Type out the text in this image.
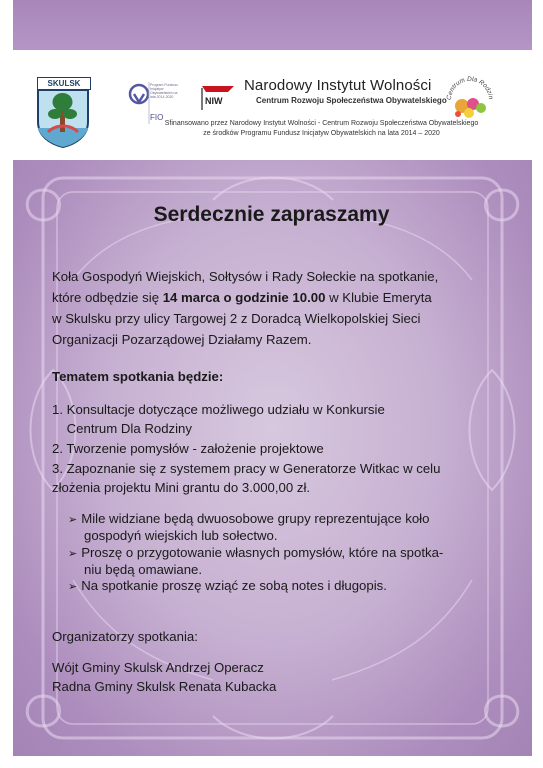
SKULSK	Program Fundusz Inicjatyw Obywatelskich na lata 2014-2020
FIO
NIW
Narodowy Instytut Wolności
Centrum Rozwoju Społeczeństwa Obywatelskiego Centrum Dla Rodzin
Sfinansowano przez Narodowy Instytut Wolności - Centrum Rozwoju Społeczeństwa Obywatelskiego
ze środków Programu Fundusz Inicjatyw Obywatelskich na lata 2014 – 2020
Serdecznie zapraszamy
Koła Gospodyń Wiejskich, Sołtysów i Rady Sołeckie na spotkanie,
które odbędzie się 14 marca o godzinie 10.00 w Klubie Emeryta
w Skulsku przy ulicy Targowej 2 z Doradcą Wielkopolskiej Sieci
Organizacji Pozarządowej Działamy Razem.
Tematem spotkania będzie:
1. Konsultacje dotyczące możliwego udziału w Konkursie
Centrum Dla Rodziny
2. Tworzenie pomysłów - założenie projektowe
3. Zapoznanie się z systemem pracy w Generatorze Witkac w celu
złożenia projektu Mini grantu do 3.000,00 zł.
➢ Mile widziane będą dwuosobowe grupy reprezentujące koło
gospodyń wiejskich lub sołectwo.
➢ Proszę o przygotowanie własnych pomysłów, które na spotka-
niu będą omawiane.
➢ Na spotkanie proszę wziąć ze sobą notes i długopis.
Organizatorzy spotkania:
Wójt Gminy Skulsk Andrzej Operacz
Radna Gminy Skulsk Renata Kubacka
